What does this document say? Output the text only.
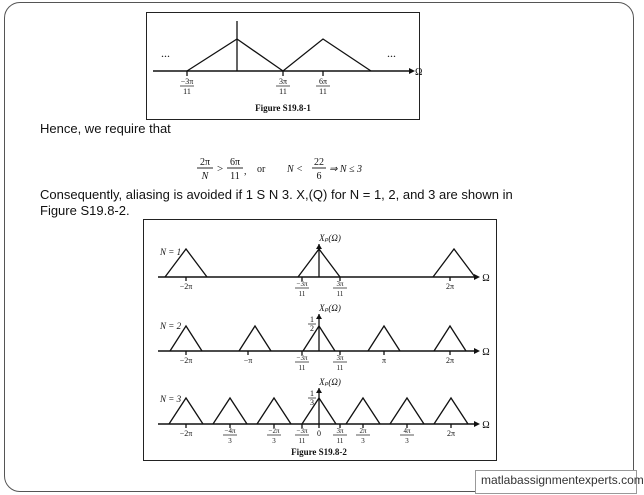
...	...
Ω
−3π
11
3π
11
6π
11
Figure S19.8-1

Hence, we require that

2π
N
>
6π
11 , or N <
22
6
⇒ N ≤ 3

Consequently, aliasing is avoided if 1 S N 3. X,(Q) for N = 1, 2, and 3 are shown in

Figure S19.8-2.

Ω
N = 1
Xₚ(Ω)
−2π	−3π
11
3π
11
2π
Ω
N = 2
Xₚ(Ω)
1
2
−2π	−π	−3π
11
3π
11
π	2π
Ω
N = 3
Xₚ(Ω)
1
3
−2π	−4π
3
−2π
3
−3π
11
0 3π
11
2π
3
4π
3
2π
Figure S19.8-2
matlabassignmentexperts.com
